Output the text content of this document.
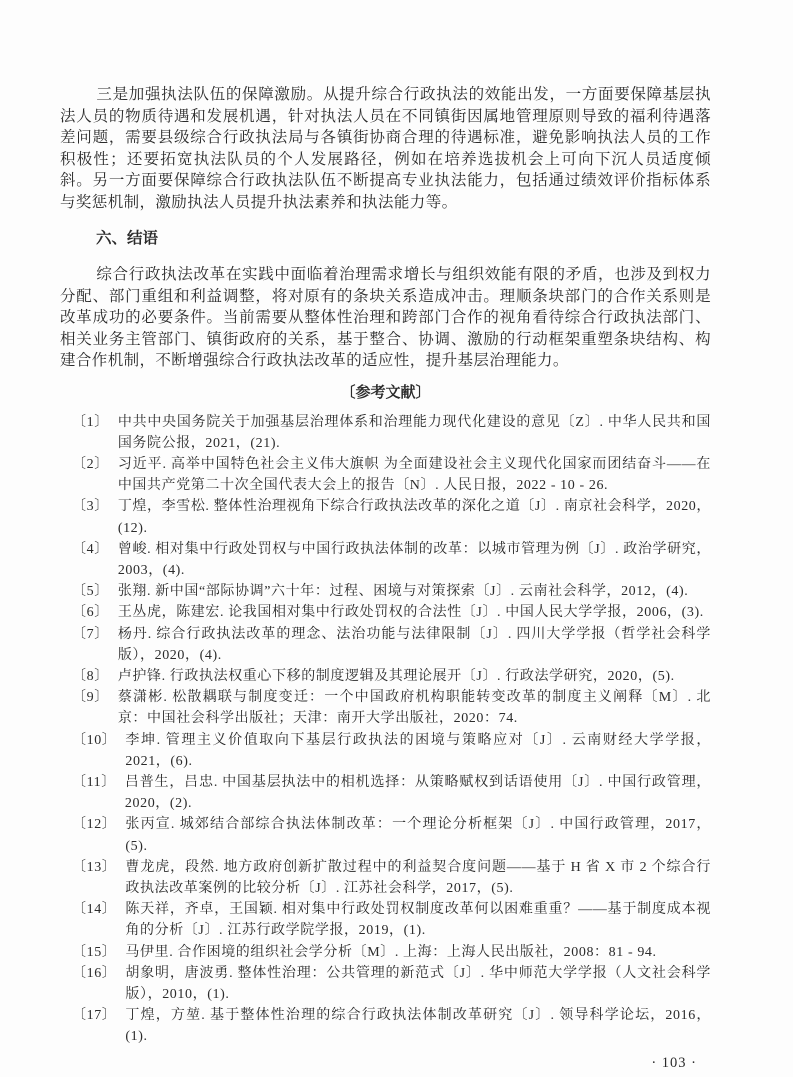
三是加强执法队伍的保障激励。从提升综合行政执法的效能出发，一方面要保障基层执法人员的物质待遇和发展机遇，针对执法人员在不同镇街因属地管理原则导致的福利待遇落差问题，需要县级综合行政执法局与各镇街协商合理的待遇标准，避免影响执法人员的工作积极性；还要拓宽执法队员的个人发展路径，例如在培养选拔机会上可向下沉人员适度倾斜。另一方面要保障综合行政执法队伍不断提高专业执法能力，包括通过绩效评价指标体系与奖惩机制，激励执法人员提升执法素养和执法能力等。

六、结语

综合行政执法改革在实践中面临着治理需求增长与组织效能有限的矛盾，也涉及到权力分配、部门重组和利益调整，将对原有的条块关系造成冲击。理顺条块部门的合作关系则是改革成功的必要条件。当前需要从整体性治理和跨部门合作的视角看待综合行政执法部门、相关业务主管部门、镇街政府的关系，基于整合、协调、激励的行动框架重塑条块结构、构建合作机制，不断增强综合行政执法改革的适应性，提升基层治理能力。

〔参考文献〕
〔1〕 中共中央国务院关于加强基层治理体系和治理能力现代化建设的意见〔Z〕. 中华人民共和国国务院公报，2021，(21).
〔2〕 习近平. 高举中国特色社会主义伟大旗帜 为全面建设社会主义现代化国家而团结奋斗——在中国共产党第二十次全国代表大会上的报告〔N〕. 人民日报，2022 - 10 - 26.
〔3〕 丁煌，李雪松. 整体性治理视角下综合行政执法改革的深化之道〔J〕. 南京社会科学，2020，(12).
〔4〕 曾峻. 相对集中行政处罚权与中国行政执法体制的改革：以城市管理为例〔J〕. 政治学研究，2003，(4).
〔5〕 张翔. 新中国“部际协调”六十年：过程、困境与对策探索〔J〕. 云南社会科学，2012，(4).
〔6〕 王丛虎，陈建宏. 论我国相对集中行政处罚权的合法性〔J〕. 中国人民大学学报，2006，(3).
〔7〕 杨丹. 综合行政执法改革的理念、法治功能与法律限制〔J〕. 四川大学学报（哲学社会科学版），2020，(4).
〔8〕 卢护锋. 行政执法权重心下移的制度逻辑及其理论展开〔J〕. 行政法学研究，2020，(5).
〔9〕 蔡潇彬. 松散耦联与制度变迁：一个中国政府机构职能转变改革的制度主义阐释〔M〕. 北京：中国社会科学出版社；天津：南开大学出版社，2020：74.
〔10〕 李坤. 管理主义价值取向下基层行政执法的困境与策略应对〔J〕. 云南财经大学学报，2021，(6).
〔11〕 吕普生，吕忠. 中国基层执法中的相机选择：从策略赋权到话语使用〔J〕. 中国行政管理，2020，(2).
〔12〕 张丙宣. 城郊结合部综合执法体制改革：一个理论分析框架〔J〕. 中国行政管理，2017，(5).
〔13〕 曹龙虎，段然. 地方政府创新扩散过程中的利益契合度问题——基于 H 省 X 市 2 个综合行政执法改革案例的比较分析〔J〕. 江苏社会科学，2017，(5).
〔14〕 陈天祥，齐卓，王国颖. 相对集中行政处罚权制度改革何以困难重重？——基于制度成本视角的分析〔J〕. 江苏行政学院学报，2019，(1).
〔15〕 马伊里. 合作困境的组织社会学分析〔M〕. 上海：上海人民出版社，2008：81 - 94.
〔16〕 胡象明，唐波勇. 整体性治理：公共管理的新范式〔J〕. 华中师范大学学报（人文社会科学版），2010，(1).
〔17〕 丁煌，方堃. 基于整体性治理的综合行政执法体制改革研究〔J〕. 领导科学论坛，2016，(1).
· 103 ·
